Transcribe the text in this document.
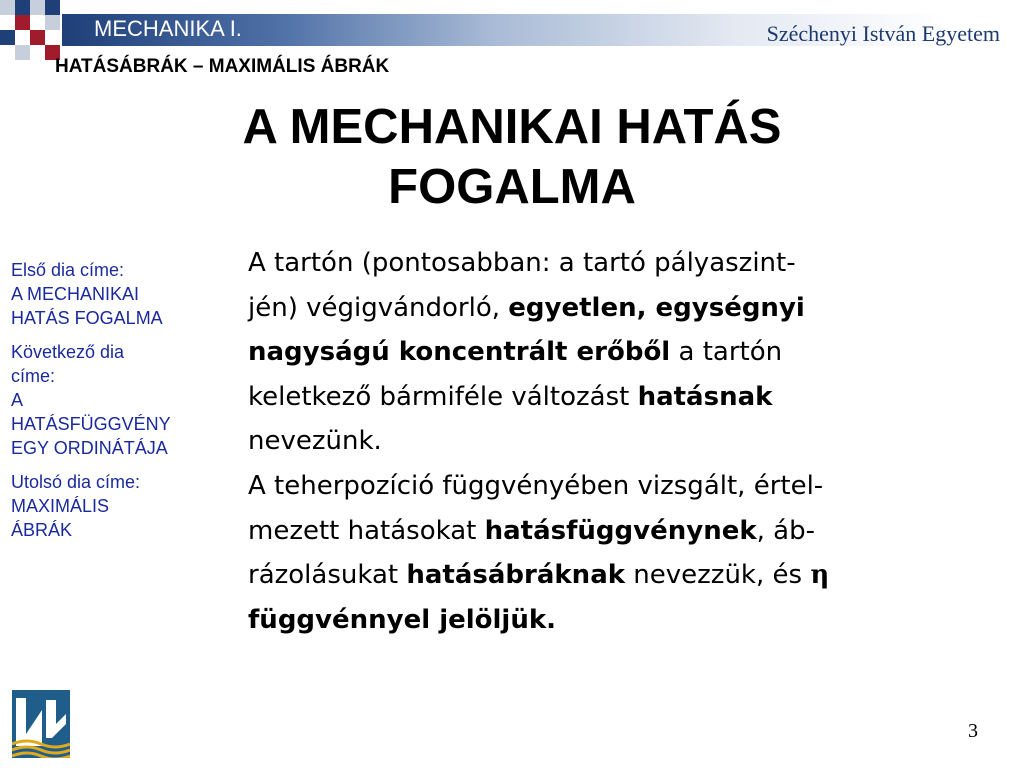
MECHANIKA I.	Széchenyi István Egyetem
HATÁSÁBRÁK – MAXIMÁLIS ÁBRÁK
A MECHANIKAI HATÁS
FOGALMA
Első dia címe:
A MECHANIKAI
HATÁS FOGALMA
Következő dia
címe:
A
HATÁSFÜGGVÉNY
EGY ORDINÁTÁJA
Utolsó dia címe:
MAXIMÁLIS
ÁBRÁK
A tartón (pontosabban: a tartó pályaszint-
jén) végigvándorló, egyetlen, egységnyi
nagyságú koncentrált erőből a tartón
keletkező bármiféle változást hatásnak
nevezünk.
A teherpozíció függvényében vizsgált, értel-
mezett hatásokat hatásfüggvénynek, áb-
rázolásukat hatásábráknak nevezzük, és η
függvénnyel jelöljük.
3
